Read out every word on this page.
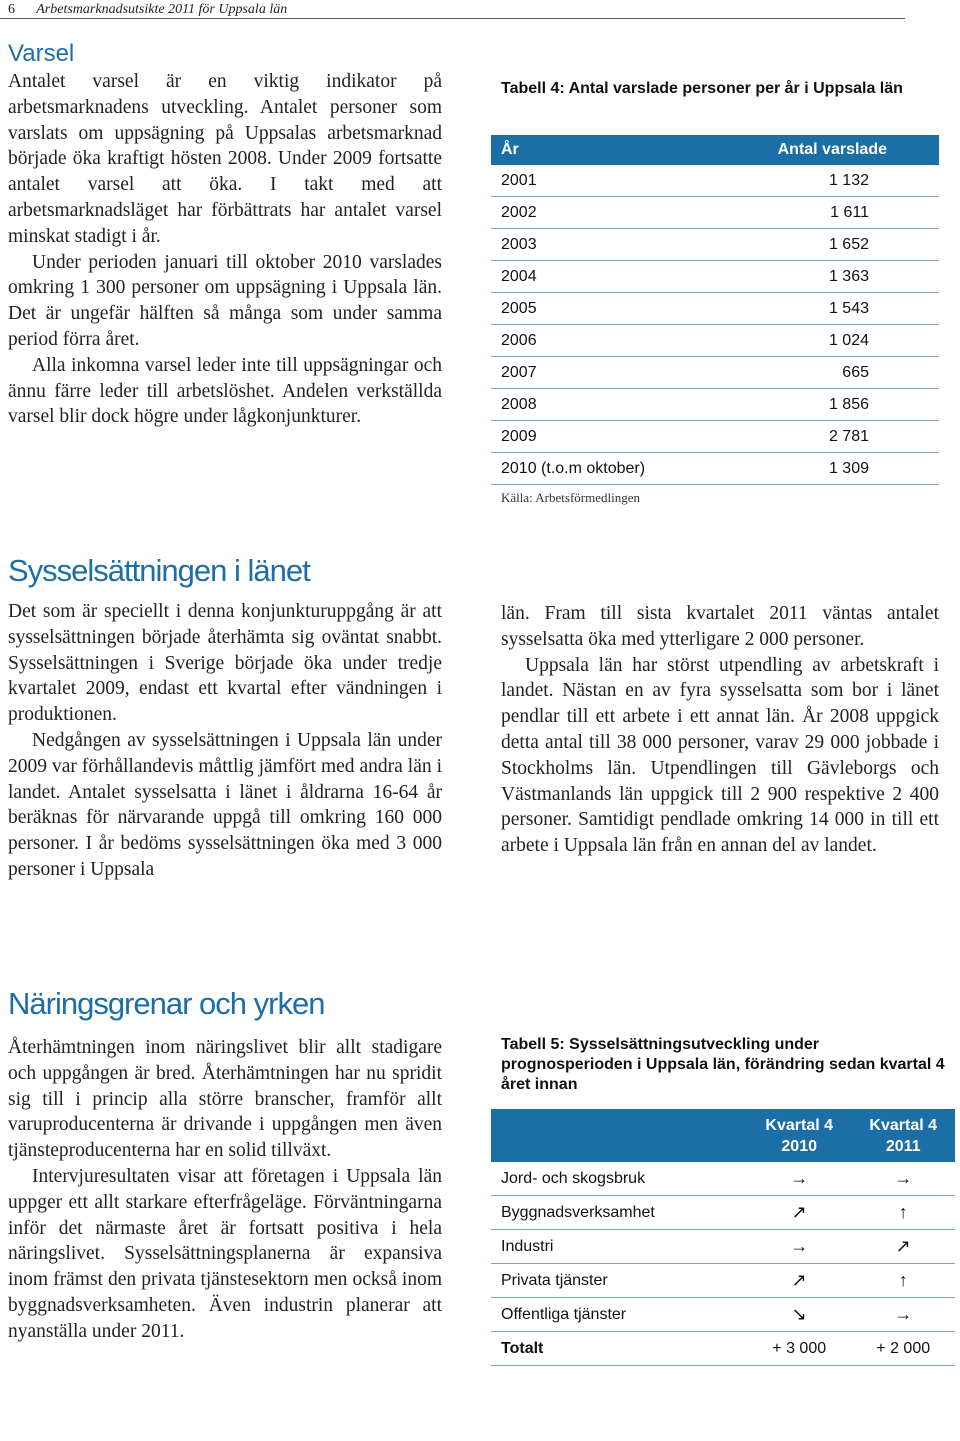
6 Arbetsmarknadsutsikte 2011 för Uppsala län
Varsel

Antalet varsel är en viktig indikator på arbetsmarknadens utveckling. Antalet personer som varslats om uppsägning på Uppsalas arbetsmarknad började öka kraftigt hösten 2008. Under 2009 fortsatte antalet varsel att öka. I takt med att arbetsmarknadsläget har förbättrats har antalet varsel minskat stadigt i år.

Under perioden januari till oktober 2010 varslades omkring 1 300 personer om uppsägning i Uppsala län. Det är ungefär hälften så många som under samma period förra året.

Alla inkomna varsel leder inte till uppsägningar och ännu färre leder till arbetslöshet. Andelen verkställda varsel blir dock högre under lågkonjunkturer.

Tabell 4: Antal varslade personer per år i Uppsala län
År	Antal varslade
2001	1 132
2002	1 611
2003	1 652
2004	1 363
2005	1 543
2006	1 024
2007	665
2008	1 856
2009	2 781
2010 (t.o.m oktober)	1 309
Källa: Arbetsförmedlingen
Sysselsättningen i länet

Det som är speciellt i denna konjunkturuppgång är att sysselsättningen började återhämta sig oväntat snabbt. Sysselsättningen i Sverige började öka under tredje kvartalet 2009, endast ett kvartal efter vändningen i produktionen.

Nedgången av sysselsättningen i Uppsala län under 2009 var förhållandevis måttlig jämfört med andra län i landet. Antalet sysselsatta i länet i åldrarna 16-64 år beräknas för närvarande uppgå till omkring 160 000 personer. I år bedöms sysselsättningen öka med 3 000 personer i Uppsala

län. Fram till sista kvartalet 2011 väntas antalet sysselsatta öka med ytterligare 2 000 personer.

Uppsala län har störst utpendling av arbetskraft i landet. Nästan en av fyra sysselsatta som bor i länet pendlar till ett arbete i ett annat län. År 2008 uppgick detta antal till 38 000 personer, varav 29 000 jobbade i Stockholms län. Utpendlingen till Gävleborgs och Västmanlands län uppgick till 2 900 respektive 2 400 personer. Samtidigt pendlade omkring 14 000 in till ett arbete i Uppsala län från en annan del av landet.

Näringsgrenar och yrken

Återhämtningen inom näringslivet blir allt stadigare och uppgången är bred. Återhämtningen har nu spridit sig till i princip alla större branscher, framför allt varuproducenterna är drivande i uppgången men även tjänsteproducenterna har en solid tillväxt.

Intervjuresultaten visar att företagen i Uppsala län uppger ett allt starkare efterfrågeläge. Förväntningarna inför det närmaste året är fortsatt positiva i hela näringslivet. Sysselsättningsplanerna är expansiva inom främst den privata tjänstesektorn men också inom byggnadsverksamheten. Även industrin planerar att nyanställa under 2011.

Tabell 5: Sysselsättningsutveckling under prognosperioden i Uppsala län, förändring sedan kvartal 4 året innan
	Kvartal 4 2010	Kvartal 4 2011
Jord- och skogsbruk	→	→
Byggnadsverksamhet	↗	↑
Industri	→	↗
Privata tjänster	↗	↑
Offentliga tjänster	↘	→
Totalt	+ 3 000	+ 2 000
